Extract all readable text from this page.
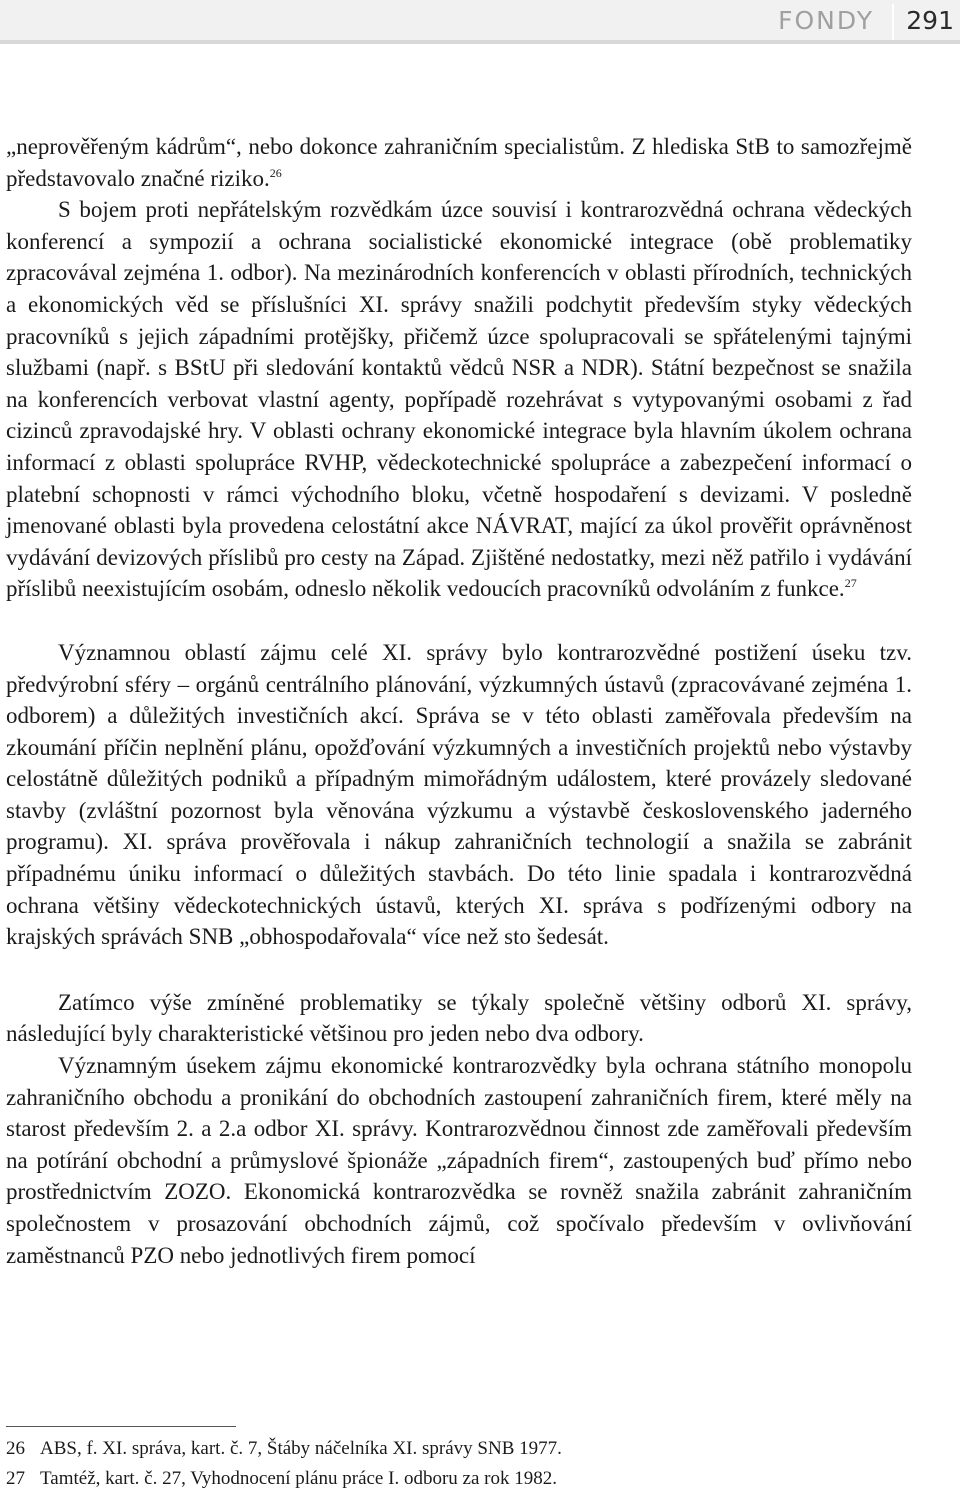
FONDY 291

„neprověřeným kádrům“, nebo dokonce zahraničním specialistům. Z hlediska StB to samozřejmě představovalo značné riziko.$^{26}$

S bojem proti nepřátelským rozvědkám úzce souvisí i kontrarozvědná ochrana vědeckých konferencí a sympozií a ochrana socialistické ekonomické integrace (obě problematiky zpracovával zejména 1. odbor). Na mezinárodních konferencích v oblasti přírodních, technických a ekonomických věd se příslušníci XI. správy snažili podchytit především styky vědeckých pracovníků s jejich západními protějšky, přičemž úzce spolupracovali se spřátelenými tajnými službami (např. s BStU při sledování kontaktů vědců NSR a NDR). Státní bezpečnost se snažila na konferencích verbovat vlastní agenty, popřípadě rozehrávat s vytypovanými osobami z řad cizinců zpravodajské hry. V oblasti ochrany ekonomické integrace byla hlavním úkolem ochrana informací z oblasti spolupráce RVHP, vědeckotechnické spolupráce a zabezpečení informací o platební schopnosti v rámci východního bloku, včetně hospodaření s devizami. V posledně jmenované oblasti byla provedena celostátní akce NÁVRAT, mající za úkol prověřit oprávněnost vydávání devizových příslibů pro cesty na Západ. Zjištěné nedostatky, mezi něž patřilo i vydávání příslibů neexistujícím osobám, odneslo několik vedoucích pracovníků odvoláním z funkce.$^{27}$

Významnou oblastí zájmu celé XI. správy bylo kontrarozvědné postižení úseku tzv. předvýrobní sféry – orgánů centrálního plánování, výzkumných ústavů (zpracovávané zejména 1. odborem) a důležitých investičních akcí. Správa se v této oblasti zaměřovala především na zkoumání příčin neplnění plánu, opožďování výzkumných a investičních projektů nebo výstavby celostátně důležitých podniků a případným mimořádným událostem, které provázely sledované stavby (zvláštní pozornost byla věnována výzkumu a výstavbě československého jaderného programu). XI. správa prověřovala i nákup zahraničních technologií a snažila se zabránit případnému úniku informací o důležitých stavbách. Do této linie spadala i kontrarozvědná ochrana většiny vědeckotechnických ústavů, kterých XI. správa s podřízenými odbory na krajských správách SNB „obhospodařovala“ více než sto šedesát.

Zatímco výše zmíněné problematiky se týkaly společně většiny odborů XI. správy, následující byly charakteristické většinou pro jeden nebo dva odbory.

Významným úsekem zájmu ekonomické kontrarozvědky byla ochrana státního monopolu zahraničního obchodu a pronikání do obchodních zastoupení zahraničních firem, které měly na starost především 2. a 2.a odbor XI. správy. Kontrarozvědnou činnost zde zaměřovali především na potírání obchodní a průmyslové špionáže „západních firem“, zastoupených buď přímo nebo prostřednictvím ZOZO. Ekonomická kontrarozvědka se rovněž snažila zabránit zahraničním společnostem v prosazování obchodních zájmů, což spočívalo především v ovlivňování zaměstnanců PZO nebo jednotlivých firem pomocí

26 ABS, f. XI. správa, kart. č. 7, Štáby náčelníka XI. správy SNB 1977.
27 Tamtéž, kart. č. 27, Vyhodnocení plánu práce I. odboru za rok 1982.
